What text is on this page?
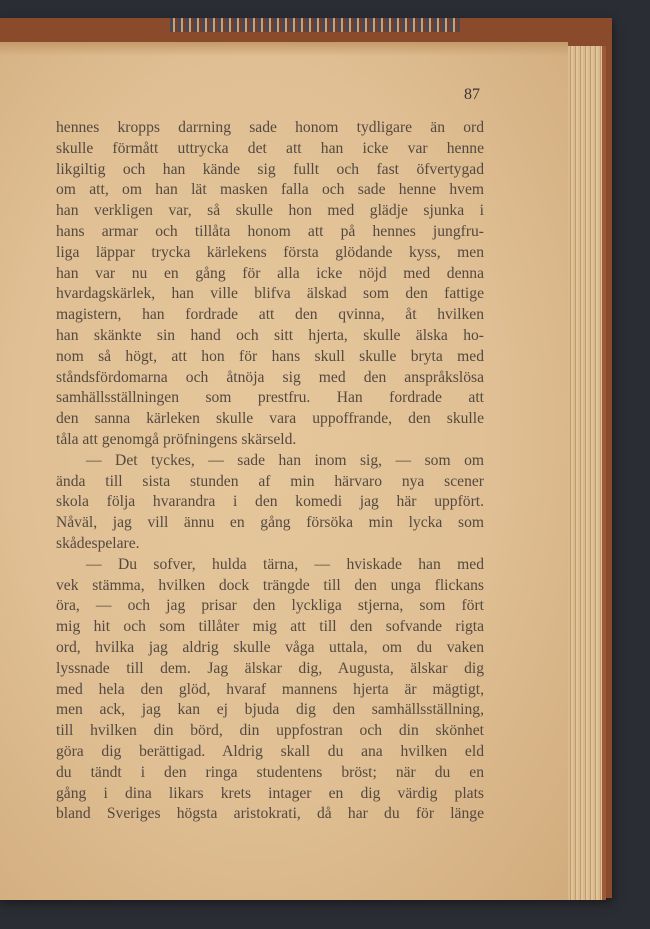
87
hennes kropps darrning sade honom tydligare än ord
skulle förmått uttrycka det att han icke var henne
likgiltig och han kände sig fullt och fast öfvertygad
om att, om han lät masken falla och sade henne hvem
han verkligen var, så skulle hon med glädje sjunka i
hans armar och tillåta honom att på hennes jungfru-
liga läppar trycka kärlekens första glödande kyss, men
han var nu en gång för alla icke nöjd med denna
hvardagskärlek, han ville blifva älskad som den fattige
magistern, han fordrade att den qvinna, åt hvilken
han skänkte sin hand och sitt hjerta, skulle älska ho-
nom så högt, att hon för hans skull skulle bryta med
ståndsfördomarna och åtnöja sig med den anspråkslösa
samhällsställningen som prestfru. Han fordrade att
den sanna kärleken skulle vara uppoffrande, den skulle
tåla att genomgå pröfningens skärseld.
— Det tyckes, — sade han inom sig, — som om
ända till sista stunden af min härvaro nya scener
skola följa hvarandra i den komedi jag här uppfört.
Nåväl, jag vill ännu en gång försöka min lycka som
skådespelare.
— Du sofver, hulda tärna, — hviskade han med
vek stämma, hvilken dock trängde till den unga flickans
öra, — och jag prisar den lyckliga stjerna, som fört
mig hit och som tillåter mig att till den sofvande rigta
ord, hvilka jag aldrig skulle våga uttala, om du vaken
lyssnade till dem. Jag älskar dig, Augusta, älskar dig
med hela den glöd, hvaraf mannens hjerta är mägtigt,
men ack, jag kan ej bjuda dig den samhällsställning,
till hvilken din börd, din uppfostran och din skönhet
göra dig berättigad. Aldrig skall du ana hvilken eld
du tändt i den ringa studentens bröst; när du en
gång i dina likars krets intager en dig värdig plats
bland Sveriges högsta aristokrati, då har du för länge
